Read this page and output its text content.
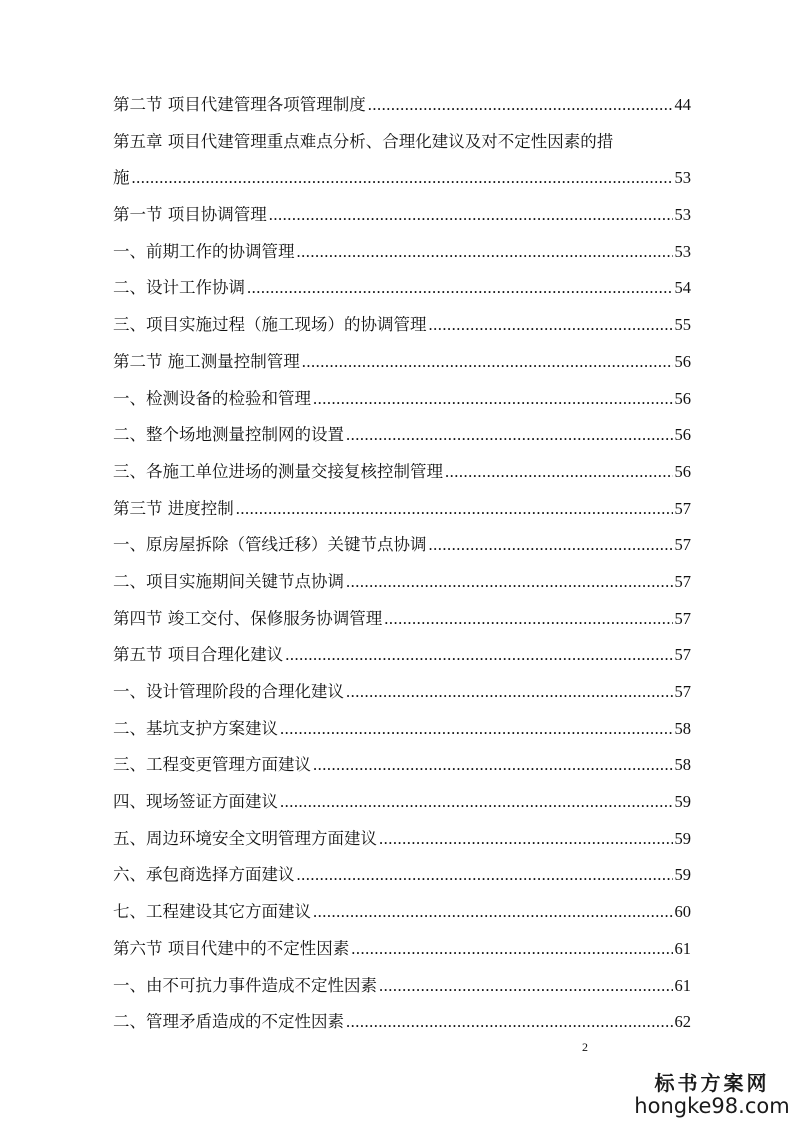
第二节 项目代建管理各项管理制度 .....	44
第五章 项目代建管理重点难点分析、合理化建议及对不定性因素的措
施 .....	53
第一节 项目协调管理 .....	53
一、前期工作的协调管理 .....	53
二、设计工作协调 .....	54
三、项目实施过程（施工现场）的协调管理 .....	55
第二节 施工测量控制管理 .....	56
一、检测设备的检验和管理 .....	56
二、整个场地测量控制网的设置 .....	56
三、各施工单位进场的测量交接复核控制管理 .....	56
第三节 进度控制 .....	57
一、原房屋拆除（管线迁移）关键节点协调 .....	57
二、项目实施期间关键节点协调 .....	57
第四节 竣工交付、保修服务协调管理 .....	57
第五节 项目合理化建议 .....	57
一、设计管理阶段的合理化建议 .....	57
二、基坑支护方案建议 .....	58
三、工程变更管理方面建议 .....	58
四、现场签证方面建议 .....	59
五、周边环境安全文明管理方面建议 .....	59
六、承包商选择方面建议 .....	59
七、工程建设其它方面建议 .....	60
第六节 项目代建中的不定性因素 .....	61
一、由不可抗力事件造成不定性因素 .....	61
二、管理矛盾造成的不定性因素 .....	62
2
标书方案网
hongke98.com
